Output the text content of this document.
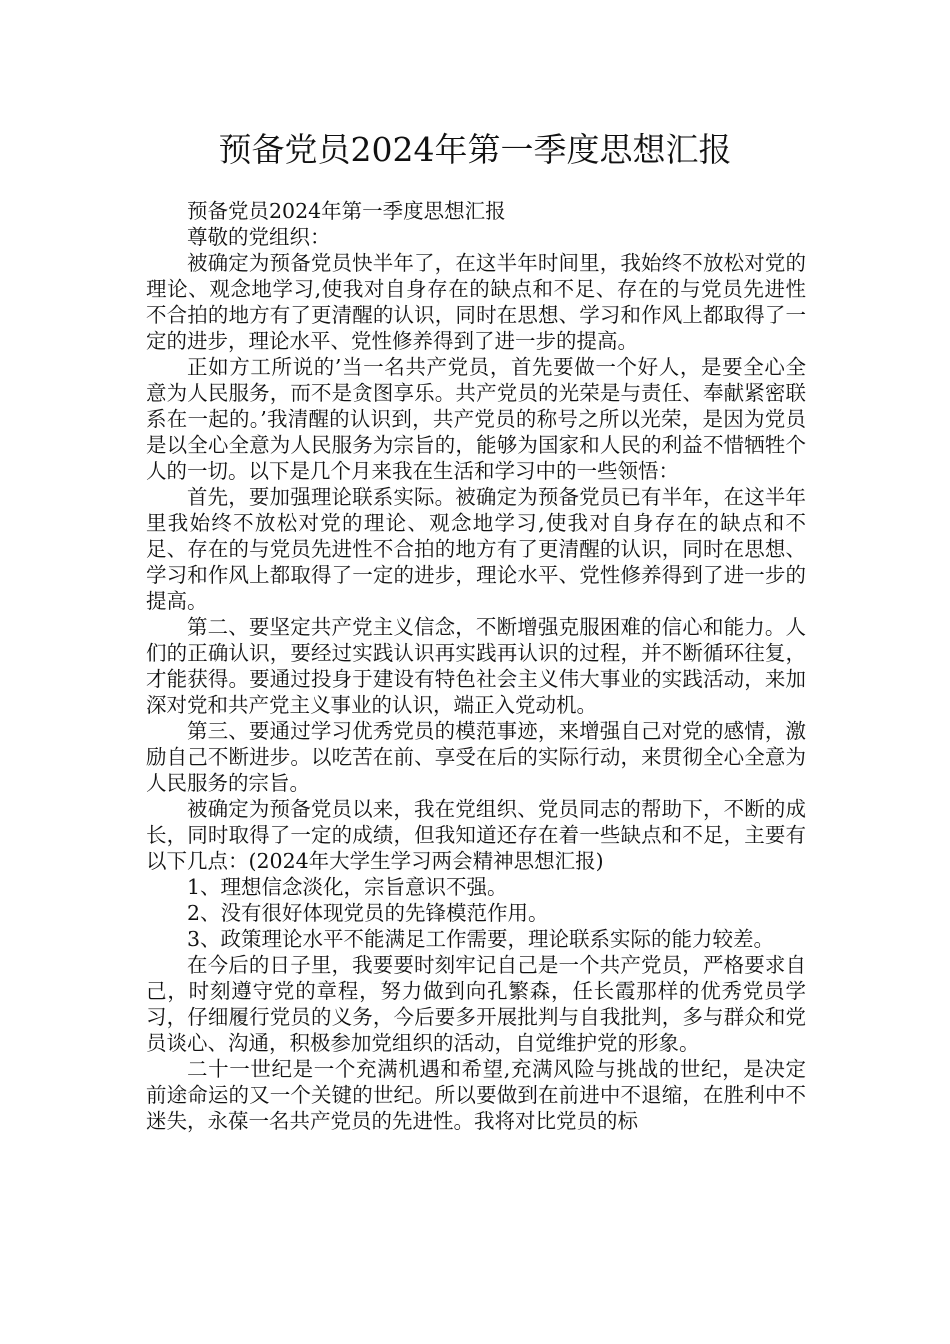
预备党员2024年第一季度思想汇报

预备党员2024年第一季度思想汇报

尊敬的党组织：

被确定为预备党员快半年了，在这半年时间里，我始终不放松对党的理论、观念地学习,使我对自身存在的缺点和不足、存在的与党员先进性不合拍的地方有了更清醒的认识，同时在思想、学习和作风上都取得了一定的进步，理论水平、党性修养得到了进一步的提高。

正如方工所说的’当一名共产党员，首先要做一个好人，是要全心全意为人民服务，而不是贪图享乐。共产党员的光荣是与责任、奉献紧密联系在一起的。’我清醒的认识到，共产党员的称号之所以光荣，是因为党员是以全心全意为人民服务为宗旨的，能够为国家和人民的利益不惜牺牲个人的一切。以下是几个月来我在生活和学习中的一些领悟：

首先，要加强理论联系实际。被确定为预备党员已有半年，在这半年里我始终不放松对党的理论、观念地学习,使我对自身存在的缺点和不足、存在的与党员先进性不合拍的地方有了更清醒的认识，同时在思想、学习和作风上都取得了一定的进步，理论水平、党性修养得到了进一步的提高。

第二、要坚定共产党主义信念，不断增强克服困难的信心和能力。人们的正确认识，要经过实践认识再实践再认识的过程，并不断循环往复，才能获得。要通过投身于建设有特色社会主义伟大事业的实践活动，来加深对党和共产党主义事业的认识，端正入党动机。

第三、要通过学习优秀党员的模范事迹，来增强自己对党的感情，激励自己不断进步。以吃苦在前、享受在后的实际行动，来贯彻全心全意为人民服务的宗旨。

被确定为预备党员以来，我在党组织、党员同志的帮助下，不断的成长，同时取得了一定的成绩，但我知道还存在着一些缺点和不足，主要有以下几点：(2024年大学生学习两会精神思想汇报)

1、理想信念淡化，宗旨意识不强。

2、没有很好体现党员的先锋模范作用。

3、政策理论水平不能满足工作需要，理论联系实际的能力较差。

在今后的日子里，我要要时刻牢记自己是一个共产党员，严格要求自己，时刻遵守党的章程，努力做到向孔繁森，任长霞那样的优秀党员学习，仔细履行党员的义务，今后要多开展批判与自我批判，多与群众和党员谈心、沟通，积极参加党组织的活动，自觉维护党的形象。

二十一世纪是一个充满机遇和希望,充满风险与挑战的世纪，是决定前途命运的又一个关键的世纪。所以要做到在前进中不退缩，在胜利中不迷失，永葆一名共产党员的先进性。我将对比党员的标
